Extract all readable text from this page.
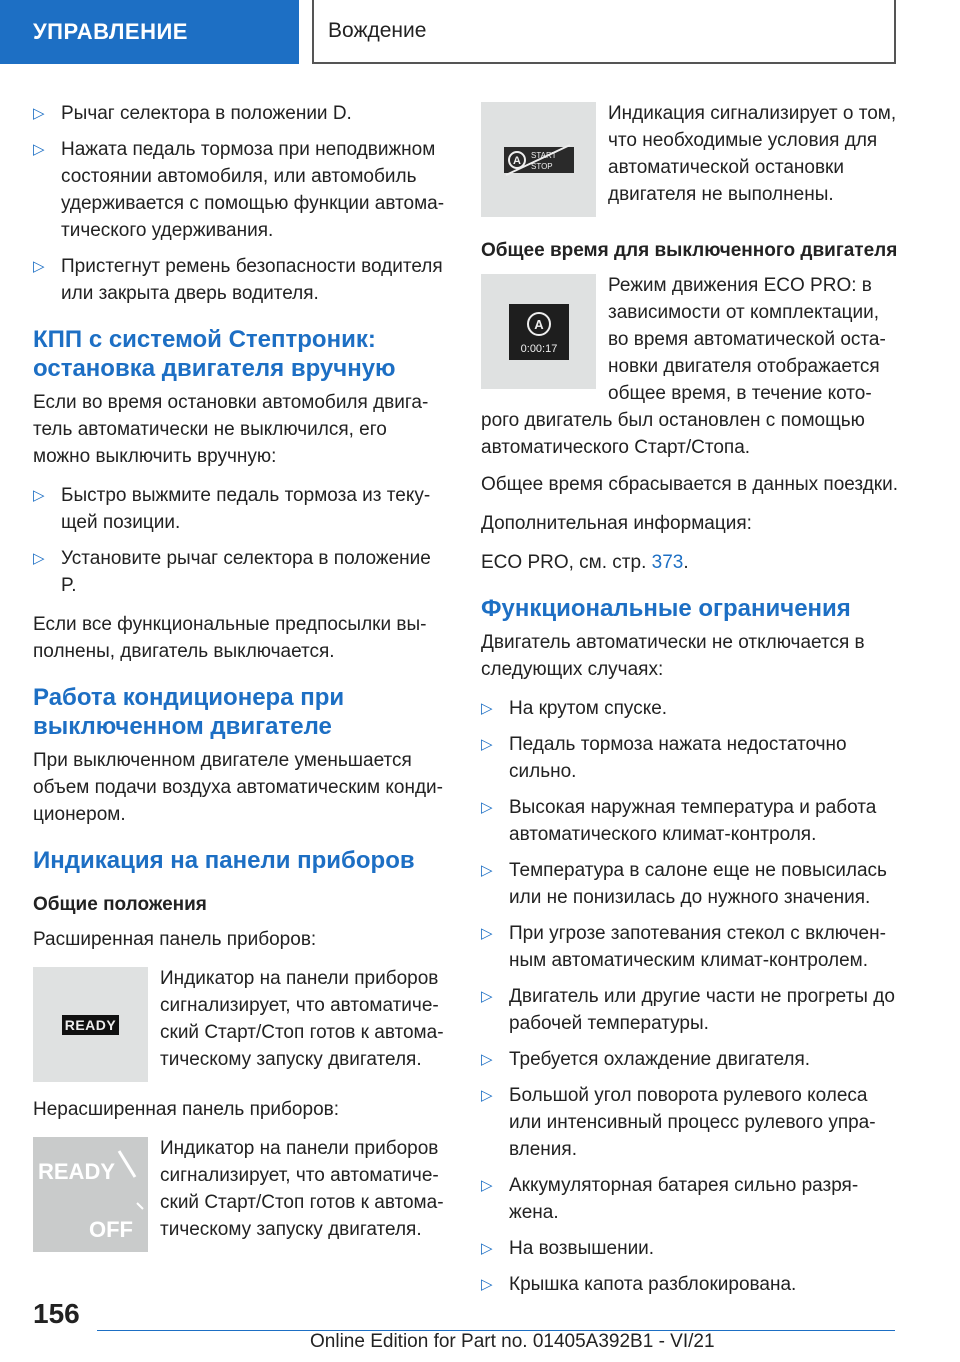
УПРАВЛЕНИЕ	Вождение
▷ Рычаг селектора в положении D.
▷ Нажата педаль тормоза при неподвижном состоянии автомобиля, или автомобиль удерживается с помощью функции автоматического удерживания.
▷ Пристегнут ремень безопасности водителя или закрыта дверь водителя.
КПП с системой Стептроник: остановка двигателя вручную

Если во время остановки автомобиля двигатель автоматически не выключился, его можно выключить вручную:

▷ Быстро выжмите педаль тормоза из текущей позиции.
▷ Установите рычаг селектора в положение P.

Если все функциональные предпосылки выполнены, двигатель выключается.

Работа кондиционера при выключенном двигателе

При выключенном двигателе уменьшается объем подачи воздуха автоматическим кондиционером.

Индикация на панели приборов
Общие положения

Расширенная панель приборов:

READY

Индикатор на панели приборов сигнализирует, что автоматический Старт/Стоп готов к автоматическому запуску двигателя.

Нерасширенная панель приборов:

READY
OFF

Индикатор на панели приборов сигнализирует, что автоматический Старт/Стоп готов к автоматическому запуску двигателя.

A START
STOP

Индикация сигнализирует о том, что необходимые условия для автоматической остановки двигателя не выполнены.

Общее время для выключенного двигателя
A
0:00:17

Режим движения ECO PRO: в зависимости от комплектации, во время автоматической остановки двигателя отображается общее время, в течение которого двигатель был остановлен с помощью автоматического Старт/Стопа.

Общее время сбрасывается в данных поездки.

Дополнительная информация:

ECO PRO, см. стр. 373.

Функциональные ограничения

Двигатель автоматически не отключается в следующих случаях:

▷ На крутом спуске.
▷ Педаль тормоза нажата недостаточно сильно.
▷ Высокая наружная температура и работа автоматического климат-контроля.
▷ Температура в салоне еще не повысилась или не понизилась до нужного значения.
▷ При угрозе запотевания стекол с включенным автоматическим климат-контролем.
▷ Двигатель или другие части не прогреты до рабочей температуры.
▷ Требуется охлаждение двигателя.
▷ Большой угол поворота рулевого колеса или интенсивный процесс рулевого управления.
▷ Аккумуляторная батарея сильно разряжена.
▷ На возвышении.
▷ Крышка капота разблокирована.
156
Online Edition for Part no. 01405A392B1 - VI/21
